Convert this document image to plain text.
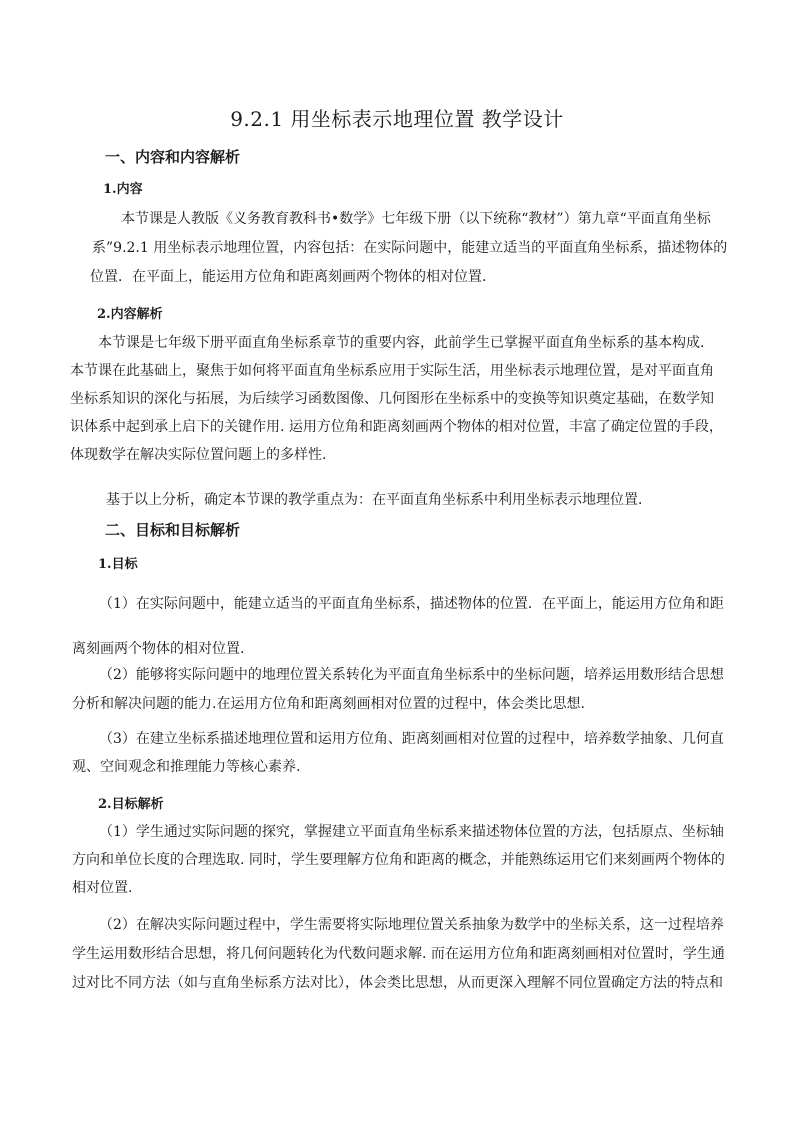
9.2.1 用坐标表示地理位置 教学设计
一、内容和内容解析
1.内容
本节课是人教版《义务教育教科书•数学》七年级下册（以下统称“教材”）第九章“平面直角坐标
系”9.2.1 用坐标表示地理位置，内容包括：在实际问题中，能建立适当的平面直角坐标系，描述物体的
位置．在平面上，能运用方位角和距离刻画两个物体的相对位置．
2.内容解析
本节课是七年级下册平面直角坐标系章节的重要内容，此前学生已掌握平面直角坐标系的基本构成.
本节课在此基础上，聚焦于如何将平面直角坐标系应用于实际生活，用坐标表示地理位置，是对平面直角
坐标系知识的深化与拓展，为后续学习函数图像、几何图形在坐标系中的变换等知识奠定基础，在数学知
识体系中起到承上启下的关键作用. 运用方位角和距离刻画两个物体的相对位置，丰富了确定位置的手段，
体现数学在解决实际位置问题上的多样性.

基于以上分析，确定本节课的教学重点为：在平面直角坐标系中利用坐标表示地理位置．

二、目标和目标解析
1.目标
（1）在实际问题中，能建立适当的平面直角坐标系，描述物体的位置．在平面上，能运用方位角和距
离刻画两个物体的相对位置.
（2）能够将实际问题中的地理位置关系转化为平面直角坐标系中的坐标问题，培养运用数形结合思想
分析和解决问题的能力.在运用方位角和距离刻画相对位置的过程中，体会类比思想.
（3）在建立坐标系描述地理位置和运用方位角、距离刻画相对位置的过程中，培养数学抽象、几何直
观、空间观念和推理能力等核心素养.
2.目标解析
（1）学生通过实际问题的探究，掌握建立平面直角坐标系来描述物体位置的方法，包括原点、坐标轴
方向和单位长度的合理选取. 同时，学生要理解方位角和距离的概念，并能熟练运用它们来刻画两个物体的
相对位置.
（2）在解决实际问题过程中，学生需要将实际地理位置关系抽象为数学中的坐标关系，这一过程培养
学生运用数形结合思想，将几何问题转化为代数问题求解. 而在运用方位角和距离刻画相对位置时，学生通
过对比不同方法（如与直角坐标系方法对比），体会类比思想，从而更深入理解不同位置确定方法的特点和
